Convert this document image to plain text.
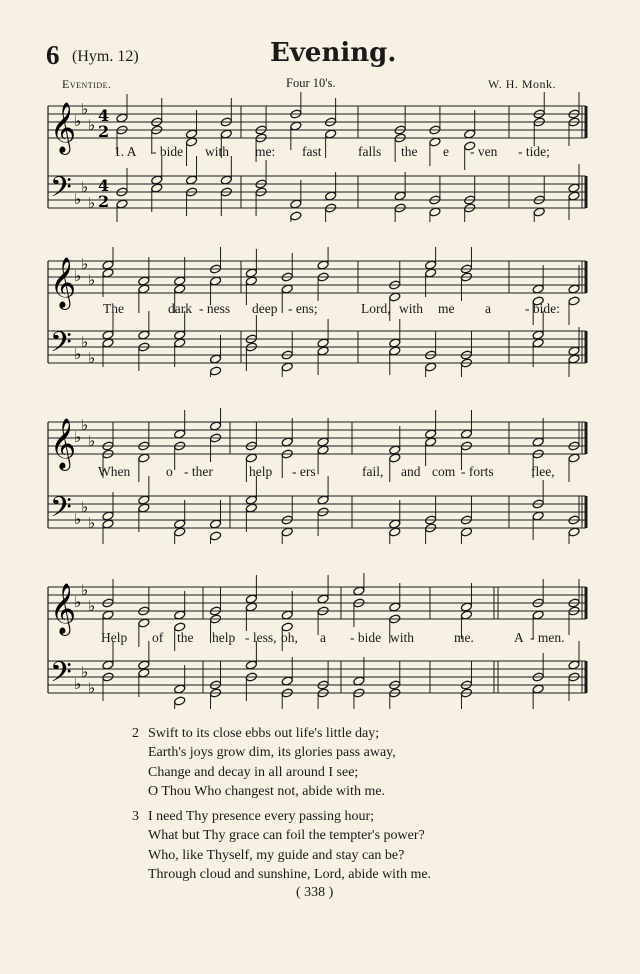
6 (Hym. 12)	Evening.
Eventide.	Four 10's.	W. H. Monk.
𝄞
𝄢
♭
♭
♭
♭
♭
♭
4
2
4
2
1. A - bide with me: fast	falls the e - ven - tide;
𝄞
𝄢
♭
♭
♭
♭
♭
♭
The	dark - ness deep - ens;	Lord, with me a	- bide:
𝄞
𝄢
♭
♭
♭
♭
♭
♭
When	o - ther	help - ers	fail, and com - forts	flee,
𝄞
𝄢
♭
♭
♭
♭
♭
♭
Help of the help - less, oh, a - bide with	me.	A - men.
2 Swift to its close ebbs out life's little day;
Earth's joys grow dim, its glories pass away,
Change and decay in all around I see;
O Thou Who changest not, abide with me.
3 I need Thy presence every passing hour;
What but Thy grace can foil the tempter's power?
Who, like Thyself, my guide and stay can be?
Through cloud and sunshine, Lord, abide with me.
( 338 )
